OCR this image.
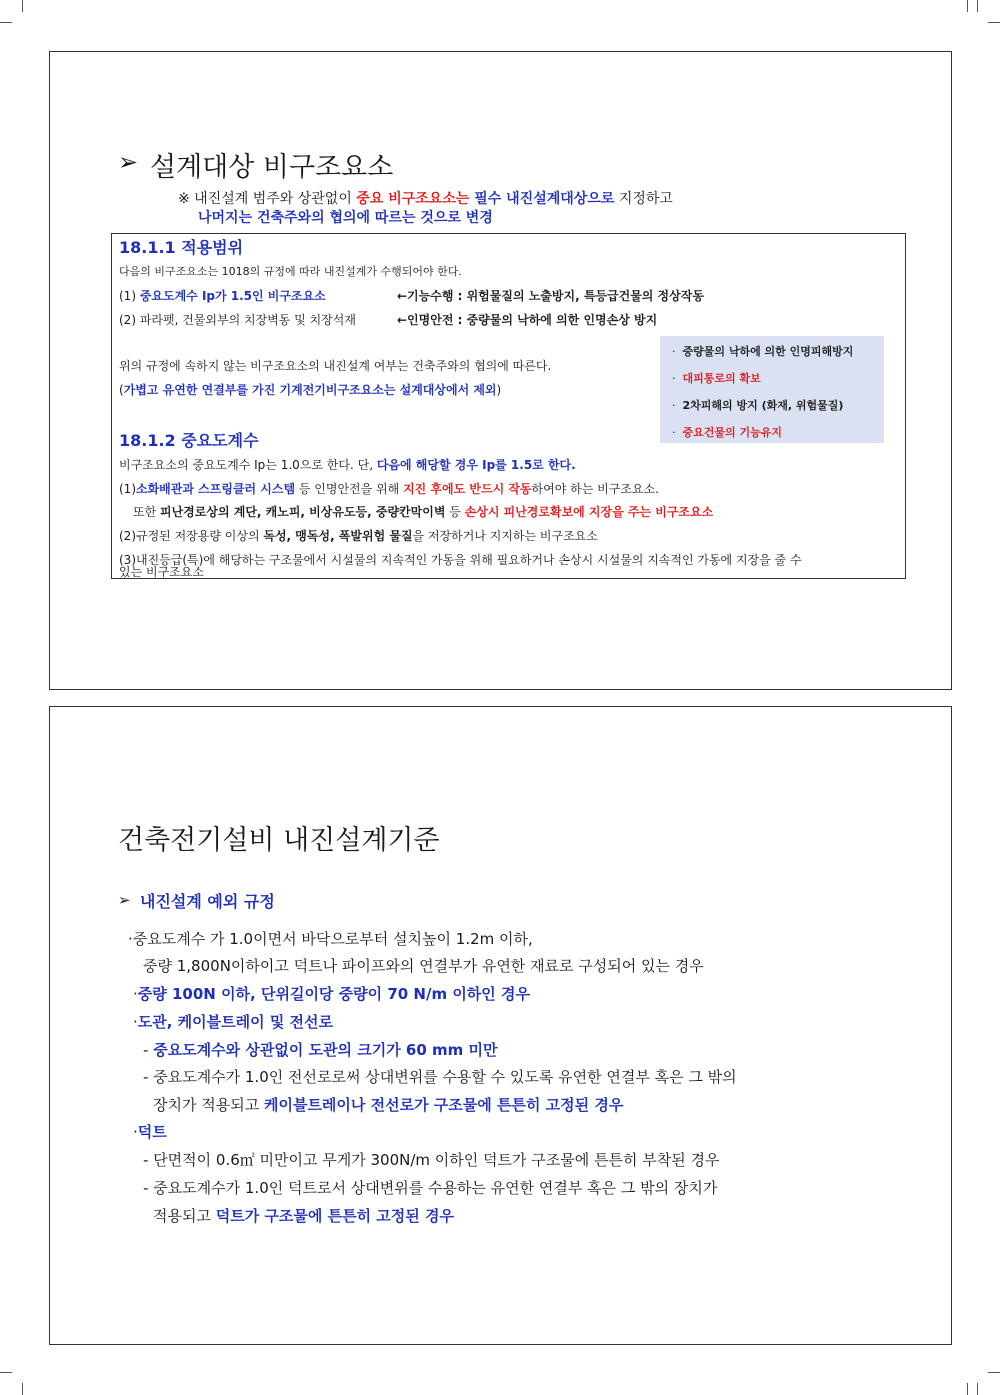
➢ 설계대상 비구조요소
※ 내진설계 범주와 상관없이 중요 비구조요소는 필수 내진설계대상으로 지정하고
나머지는 건축주와의 협의에 따르는 것으로 변경
18.1.1 적용범위
다음의 비구조요소는 1018의 규정에 따라 내진설계가 수행되어야 한다.
(1) 중요도계수 Ip가 1.5인 비구조요소	←기능수행 : 위험물질의 노출방지, 특등급건물의 정상작동
(2) 파라펫, 건물외부의 치장벽동 및 치장석재	←인명안전 : 중량물의 낙하에 의한 인명손상 방지
· 중량물의 낙하에 의한 인명피해방지
· 대피통로의 확보
· 2차피해의 방지 (화재, 위험물질)
· 중요건물의 기능유지
위의 규정에 속하지 않는 비구조요소의 내진설계 여부는 건축주와의 협의에 따른다.
(가볍고 유연한 연결부를 가진 기계전기비구조요소는 설계대상에서 제외)
18.1.2 중요도계수
비구조요소의 중요도계수 Ip는 1.0으로 한다. 단, 다음에 해당할 경우 Ip를 1.5로 한다.
(1)소화배관과 스프링클러 시스템 등 인명안전을 위해 지진 후에도 반드시 작동하여야 하는 비구조요소.
또한 피난경로상의 계단, 캐노피, 비상유도등, 중량칸막이벽 등 손상시 피난경로확보에 지장을 주는 비구조요소
(2)규정된 저장용량 이상의 독성, 맹독성, 폭발위험 물질을 저장하거나 지지하는 비구조요소
(3)내진등급(특)에 해당하는 구조물에서 시설물의 지속적인 가동을 위해 필요하거나 손상시 시설물의 지속적인 가동에 지장을 줄 수
있는 비구조요소
건축전기설비 내진설계기준
➢ 내진설계 예외 규정
·중요도계수 가 1.0이면서 바닥으로부터 설치높이 1.2m 이하,
중량 1,800N이하이고 덕트나 파이프와의 연결부가 유연한 재료로 구성되어 있는 경우
·중량 100N 이하, 단위길이당 중량이 70 N/m 이하인 경우
·도관, 케이블트레이 및 전선로
- 중요도계수와 상관없이 도관의 크기가 60 mm 미만
- 중요도계수가 1.0인 전선로로써 상대변위를 수용할 수 있도록 유연한 연결부 혹은 그 밖의
장치가 적용되고 케이블트레이나 전선로가 구조물에 튼튼히 고정된 경우
·덕트
- 단면적이 0.6㎡ 미만이고 무게가 300N/m 이하인 덕트가 구조물에 튼튼히 부착된 경우
- 중요도계수가 1.0인 덕트로서 상대변위를 수용하는 유연한 연결부 혹은 그 밖의 장치가
적용되고 덕트가 구조물에 튼튼히 고정된 경우
